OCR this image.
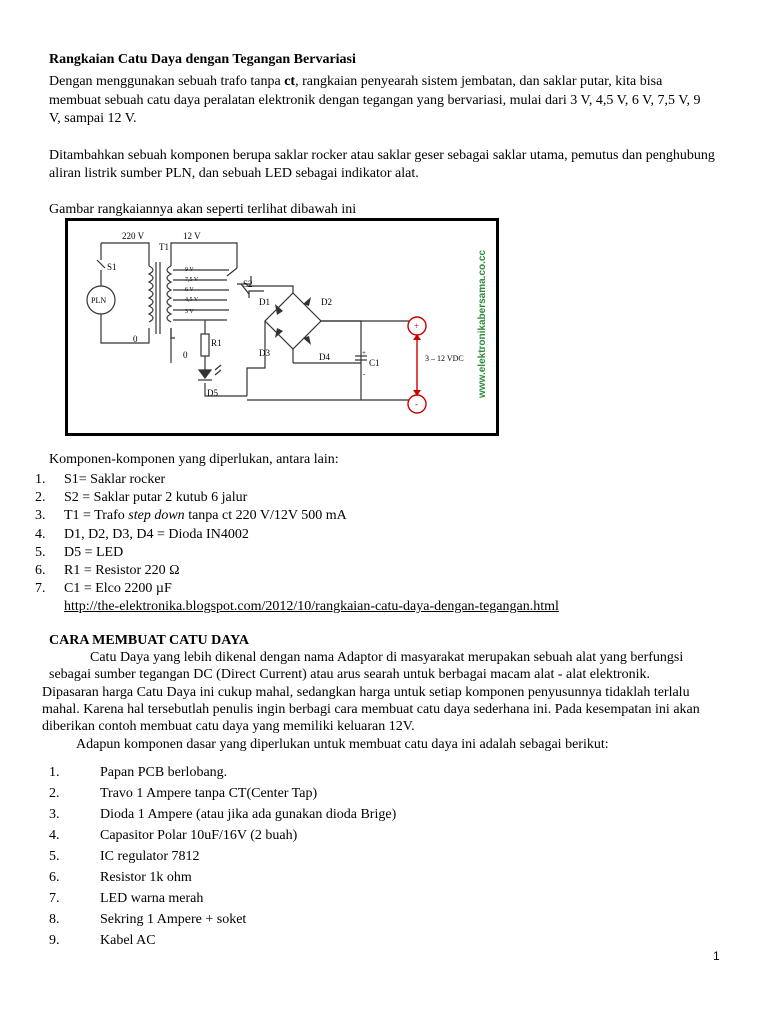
Rangkaian Catu Daya dengan Tegangan Bervariasi
Dengan menggunakan sebuah trafo tanpa ct, rangkaian penyearah sistem jembatan, dan saklar putar, kita bisa
membuat sebuah catu daya peralatan elektronik dengan tegangan yang bervariasi, mulai dari 3 V, 4,5 V, 6 V, 7,5 V, 9
V, sampai 12 V.
Ditambahkan sebuah komponen berupa saklar rocker atau saklar geser sebagai saklar utama, pemutus dan penghubung
aliran listrik sumber PLN, dan sebuah LED sebagai indikator alat.
Gambar rangkaiannya akan seperti terlihat dibawah ini
220 V	12 V
T1
S1
PLN
0
0
9 V
7,5 V
6 V
4,5 V
3 V
S2
R1
D1	D2
D3	D4
D5
C1
+
-
+
-
3 – 12 VDC www.elektronikabersama.co.cc
Komponen-komponen yang diperlukan, antara lain:
1. S1= Saklar rocker
2. S2 = Saklar putar 2 kutub 6 jalur
3. T1 = Trafo step down tanpa ct 220 V/12V 500 mA
4. D1, D2, D3, D4 = Dioda IN4002
5. D5 = LED
6. R1 = Resistor 220 Ω
7. C1 = Elco 2200 µF
http://the-elektronika.blogspot.com/2012/10/rangkaian-catu-daya-dengan-tegangan.html
CARA MEMBUAT CATU DAYA
Catu Daya yang lebih dikenal dengan nama Adaptor di masyarakat merupakan sebuah alat yang berfungsi
sebagai sumber tegangan DC (Direct Current) atau arus searah untuk berbagai macam alat - alat elektronik.
Dipasaran harga Catu Daya ini cukup mahal, sedangkan harga untuk setiap komponen penyusunnya tidaklah terlalu
mahal. Karena hal tersebutlah penulis ingin berbagi cara membuat catu daya sederhana ini. Pada kesempatan ini akan
diberikan contoh membuat catu daya yang memiliki keluaran 12V.
Adapun komponen dasar yang diperlukan untuk membuat catu daya ini adalah sebagai berikut:
1.	Papan PCB berlobang.
2.	Travo 1 Ampere tanpa CT(Center Tap)
3.	Dioda 1 Ampere (atau jika ada gunakan dioda Brige)
4.	Capasitor Polar 10uF/16V (2 buah)
5.	IC regulator 7812
6.	Resistor 1k ohm
7.	LED warna merah
8.	Sekring 1 Ampere + soket
9.	Kabel AC
1
